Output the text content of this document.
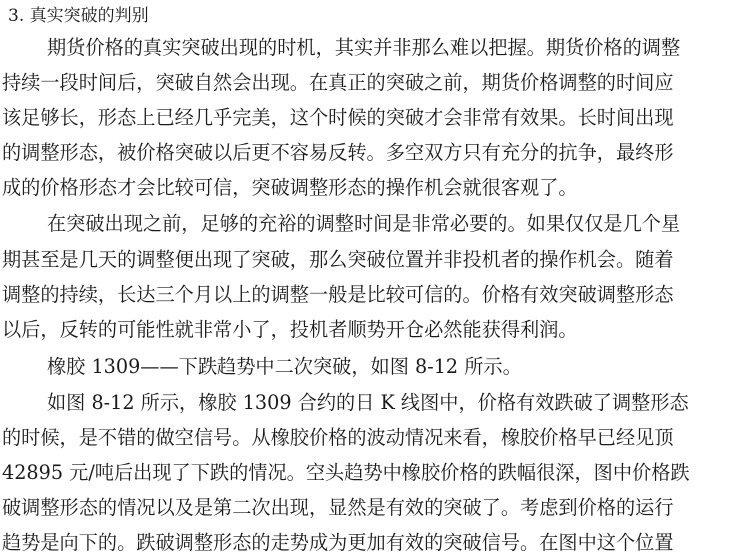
3. 真实突破的判别

期货价格的真实突破出现的时机，其实并非那么难以把握。期货价格的调整

持续一段时间后，突破自然会出现。在真正的突破之前，期货价格调整的时间应

该足够长，形态上已经几乎完美，这个时候的突破才会非常有效果。长时间出现

的调整形态，被价格突破以后更不容易反转。多空双方只有充分的抗争，最终形

成的价格形态才会比较可信，突破调整形态的操作机会就很客观了。

在突破出现之前，足够的充裕的调整时间是非常必要的。如果仅仅是几个星

期甚至是几天的调整便出现了突破，那么突破位置并非投机者的操作机会。随着

调整的持续，长达三个月以上的调整一般是比较可信的。价格有效突破调整形态

以后，反转的可能性就非常小了，投机者顺势开仓必然能获得利润。

橡胶 1309——下跌趋势中二次突破，如图 8-12 所示。

如图 8-12 所示，橡胶 1309 合约的日 K 线图中，价格有效跌破了调整形态

的时候，是不错的做空信号。从橡胶价格的波动情况来看，橡胶价格早已经见顶

42895 元/吨后出现了下跌的情况。空头趋势中橡胶价格的跌幅很深，图中价格跌

破调整形态的情况以及是第二次出现，显然是有效的突破了。考虑到价格的运行

趋势是向下的。跌破调整形态的走势成为更加有效的突破信号。在图中这个位置
